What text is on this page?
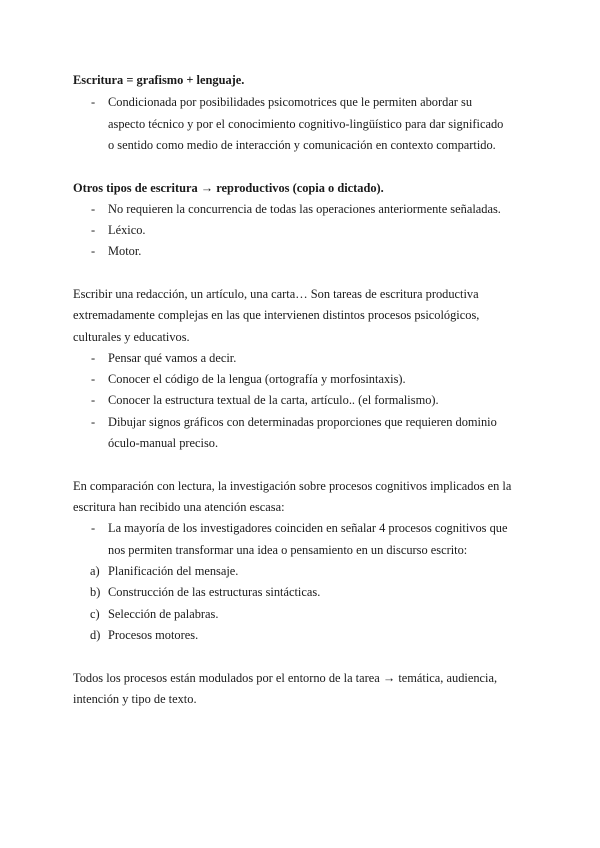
Escritura = grafismo + lenguaje.
- Condicionada por posibilidades psicomotrices que le permiten abordar su
aspecto técnico y por el conocimiento cognitivo-lingüístico para dar significado
o sentido como medio de interacción y comunicación en contexto compartido.
Otros tipos de escritura → reproductivos (copia o dictado).
- No requieren la concurrencia de todas las operaciones anteriormente señaladas.
- Léxico.
- Motor.
Escribir una redacción, un artículo, una carta… Son tareas de escritura productiva
extremadamente complejas en las que intervienen distintos procesos psicológicos,
culturales y educativos.
- Pensar qué vamos a decir.
- Conocer el código de la lengua (ortografía y morfosintaxis).
- Conocer la estructura textual de la carta, artículo.. (el formalismo).
- Dibujar signos gráficos con determinadas proporciones que requieren dominio
óculo-manual preciso.
En comparación con lectura, la investigación sobre procesos cognitivos implicados en la
escritura han recibido una atención escasa:
- La mayoría de los investigadores coinciden en señalar 4 procesos cognitivos que
nos permiten transformar una idea o pensamiento en un discurso escrito:
a) Planificación del mensaje.
b) Construcción de las estructuras sintácticas.
c) Selección de palabras.
d) Procesos motores.
Todos los procesos están modulados por el entorno de la tarea → temática, audiencia,
intención y tipo de texto.
